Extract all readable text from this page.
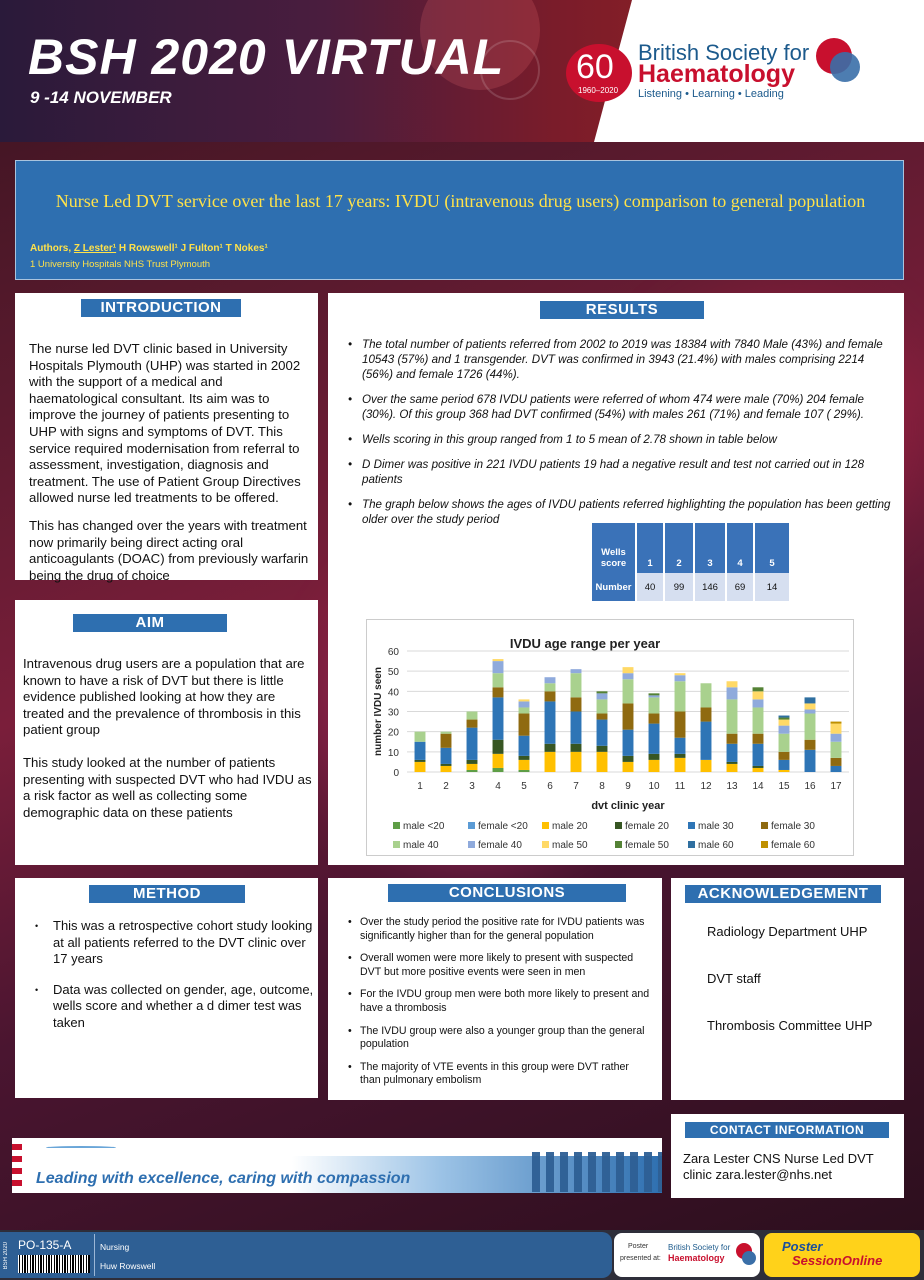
BSH 2020 VIRTUAL
9 -14 NOVEMBER
60
1960–2020
British Society for
Haematology
Listening • Learning • Leading
Nurse Led DVT service over the last 17 years: IVDU (intravenous drug users) comparison to general population
Authors, Z Lester¹ H Rowswell¹ J Fulton¹ T Nokes¹
1 University Hospitals NHS Trust Plymouth
INTRODUCTION

The nurse led DVT clinic based in University Hospitals Plymouth (UHP) was started in 2002 with the support of a medical and haematological consultant. Its aim was to improve the journey of patients presenting to UHP with signs and symptoms of DVT. This service required modernisation from referral to assessment, investigation, diagnosis and treatment. The use of Patient Group Directives allowed nurse led treatments to be offered.

This has changed over the years with treatment now primarily being direct acting oral anticoagulants (DOAC) from previously warfarin being the drug of choice

AIM

Intravenous drug users are a population that are known to have a risk of DVT but there is little evidence published looking at how they are treated and the prevalence of thrombosis in this patient group

This study looked at the number of patients presenting with suspected DVT who had IVDU as a risk factor as well as collecting some demographic data on these patients

RESULTS
• The total number of patients referred from 2002 to 2019 was 18384 with 7840 Male (43%) and female 10543 (57%) and 1 transgender. DVT was confirmed in 3943 (21.4%) with males comprising 2214 (56%) and female 1726 (44%).
• Over the same period 678 IVDU patients were referred of whom 474 were male (70%) 204 female (30%). Of this group 368 had DVT confirmed (54%) with males 261 (71%) and female 107 ( 29%).
• Wells scoring in this group ranged from 1 to 5 mean of 2.78 shown in table below
• D Dimer was positive in 221 IVDU patients 19 had a negative result and test not carried out in 128 patients
• The graph below shows the ages of IVDU patients referred highlighting the population has been getting older over the study period
Wells
score	1	2	3	4	5
Number	40	99	146	69	14
IVDU age range per year
0
10
20
30
40
50
60
1 2 3 4 5 6 7 8 9 10 11 12 13 14 15 16 17
number IVDU seen
dvt clinic year
male <20	female <20 male 20	female 20	male 30	female 30
male 40	female 40	male 50	female 50	male 60	female 60
METHOD
• This was a retrospective cohort study looking at all patients referred to the DVT clinic over 17 years
• Data was collected on gender, age, outcome, wells score and whether a d dimer test was taken
CONCLUSIONS
• Over the study period the positive rate for IVDU patients was significantly higher than for the general population
• Overall women were more likely to present with suspected DVT but more positive events were seen in men
• For the IVDU group men were both more likely to present and have a thrombosis
• The IVDU group were also a younger group than the general population
• The majority of VTE events in this group were DVT rather than pulmonary embolism
ACKNOWLEDGEMENT
Radiology Department UHP
DVT staff
Thrombosis Committee UHP
CONTACT INFORMATION
Zara Lester CNS Nurse Led DVT clinic zara.lester@nhs.net
Leading with excellence, caring with compassion
BSH 2020 PO-135-A	Nursing
Huw Rowswell
Poster
presented at:
British Society for
Haematology
Poster
SessionOnline
